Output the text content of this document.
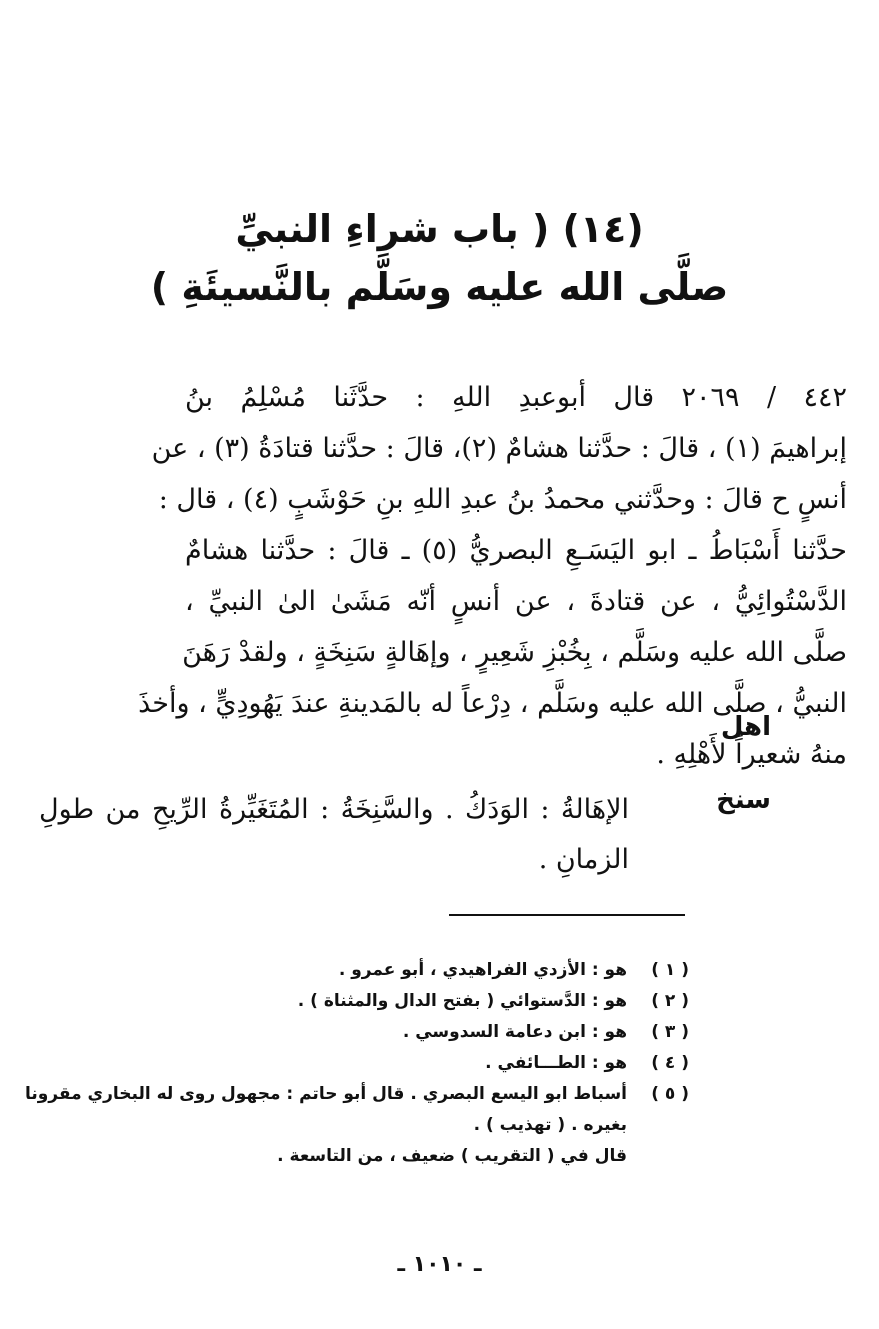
(١٤) ( باب شراءِ النبيِّ
صلَّى الله عليه وسَلَّم بالنَّسيئَةِ )
٤٤٢ / ٢٠٦٩ قال أبوعبدِ اللهِ : حدَّثَنا مُسْلِمُ بنُ
إبراهيمَ (١) ، قالَ : حدَّثنا هشامٌ (٢)، قالَ : حدَّثنا قتادَةُ (٣) ، عن
أنسٍ ح قالَ : وحدَّثني محمدُ بنُ عبدِ اللهِ بنِ حَوْشَبٍ (٤) ، قال :
حدَّثنا أَسْبَاطُ ـ ابو اليَسَـعِ البصريُّ (٥) ـ قالَ : حدَّثنا هشامٌ
الدَّسْتُوائِيُّ ، عن قتادةَ ، عن أنسٍ أنّه مَشَىٰ الىٰ النبيِّ ،
صلَّى الله عليه وسَلَّم ، بِخُبْزِ شَعِيرٍ ، وإهَالةٍ سَنِخَةٍ ، ولقدْ رَهَنَ
النبيُّ ، صلَّى الله عليه وسَلَّم ، دِرْعاً له بالمَدينةِ عندَ يَهُودِيٍّ ، وأخذَ
منهُ شعيراً لأَهْلِهِ .
اهل
سنخ
الإهَالةُ : الوَدَكُ . والسَّنِخَةُ : المُتَغَيِّرةُ الرِّيحِ من طولِ
الزمانِ .
( ١ )
هو : الأزدي الفراهيدي ، أبو عمرو .
( ٢ )
هو : الدَّستوائي ( بفتح الدال والمثناة ) .
( ٣ )
هو : ابن دعامة السدوسي .
( ٤ )
هو : الطـــائفي .
( ٥ )
أسباط ابو اليسع البصري . قال أبو حاتم : مجهول روى له البخاري مقرونا
بغيره . ( تهذيب ) .
قال في ( التقريب ) ضعيف ، من التاسعة .
ـ ١٠١٠ ـ
